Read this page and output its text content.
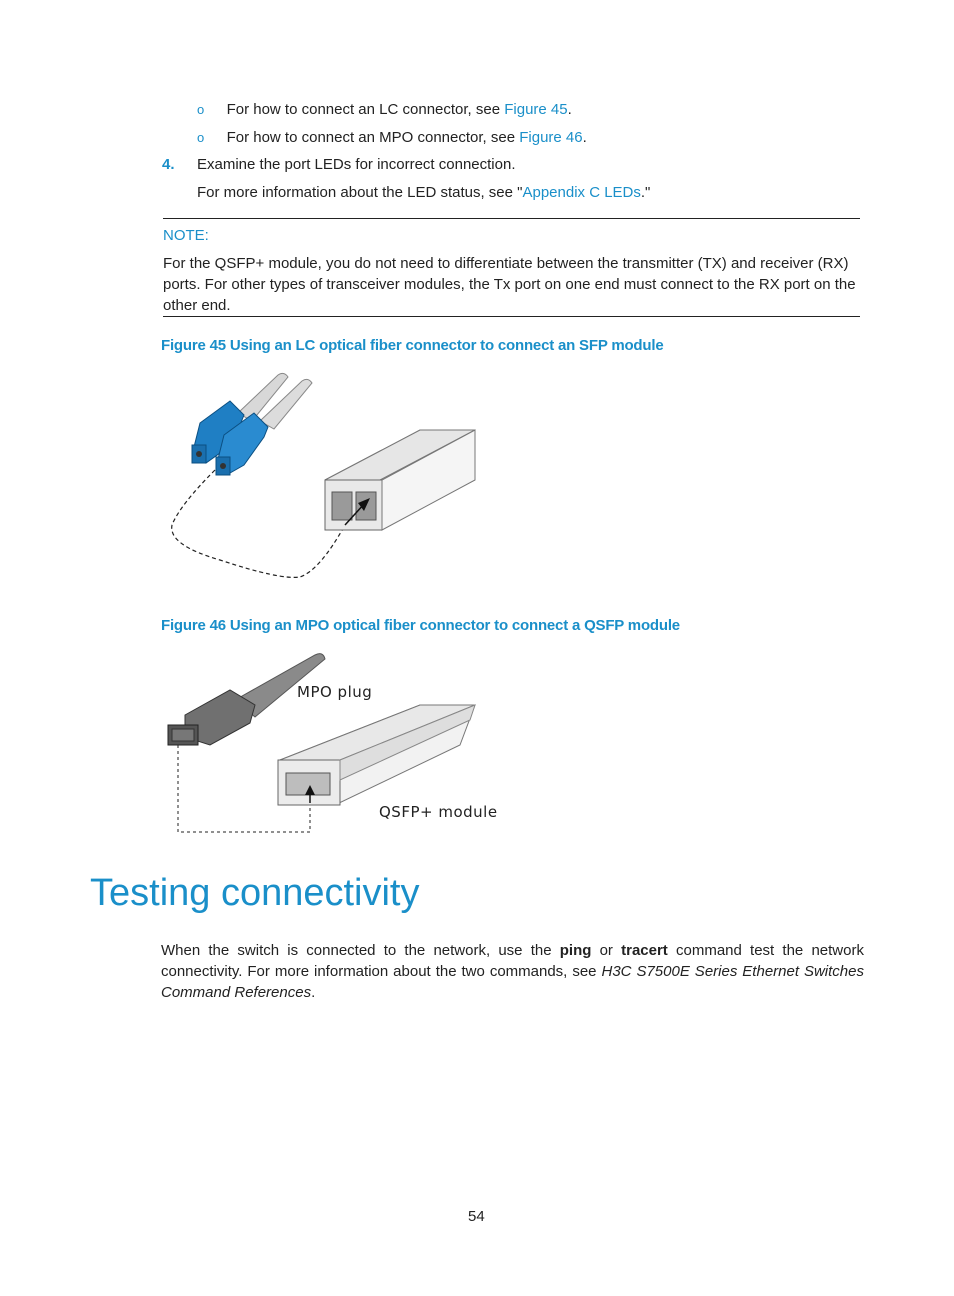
o For how to connect an LC connector, see Figure 45.
o For how to connect an MPO connector, see Figure 46.
4. Examine the port LEDs for incorrect connection.
For more information about the LED status, see "Appendix C LEDs."
NOTE:
For the QSFP+ module, you do not need to differentiate between the transmitter (TX) and receiver (RX) ports. For other types of transceiver modules, the Tx port on one end must connect to the RX port on the other end.
Figure 45 Using an LC optical fiber connector to connect an SFP module
Figure 46 Using an MPO optical fiber connector to connect a QSFP module
MPO plug
QSFP+ module
Testing connectivity
When the switch is connected to the network, use the ping or tracert command test the network connectivity. For more information about the two commands, see H3C S7500E Series Ethernet Switches Command References.
54
